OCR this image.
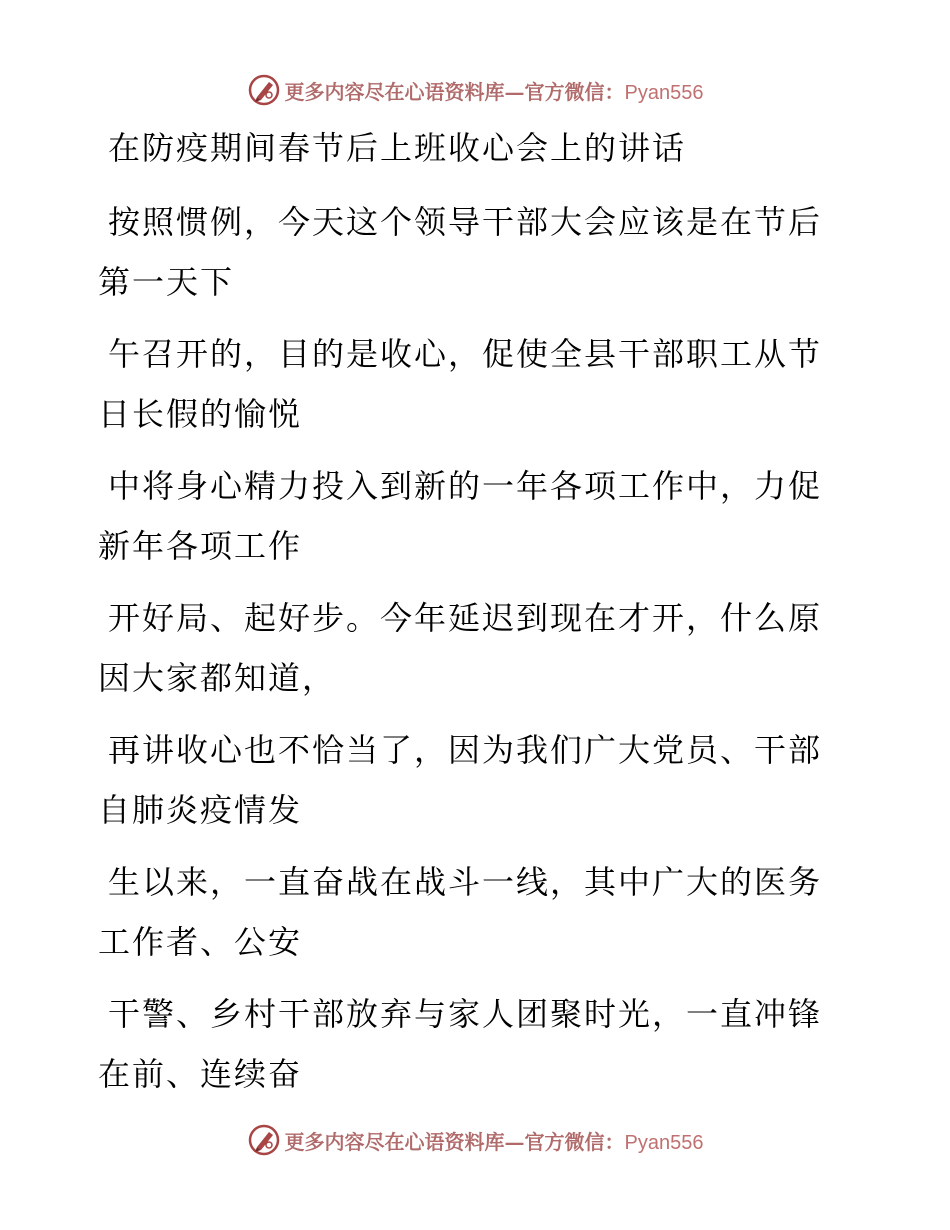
更多内容尽在心语资料库—官方微信：Pyan556
在防疫期间春节后上班收心会上的讲话
按照惯例，今天这个领导干部大会应该是在节后
第一天下
午召开的，目的是收心，促使全县干部职工从节
日长假的愉悦
中将身心精力投入到新的一年各项工作中，力促
新年各项工作
开好局、起好步。今年延迟到现在才开，什么原
因大家都知道，
再讲收心也不恰当了，因为我们广大党员、干部
自肺炎疫情发
生以来，一直奋战在战斗一线，其中广大的医务
工作者、公安
干警、乡村干部放弃与家人团聚时光，一直冲锋
在前、连续奋
更多内容尽在心语资料库—官方微信：Pyan556
